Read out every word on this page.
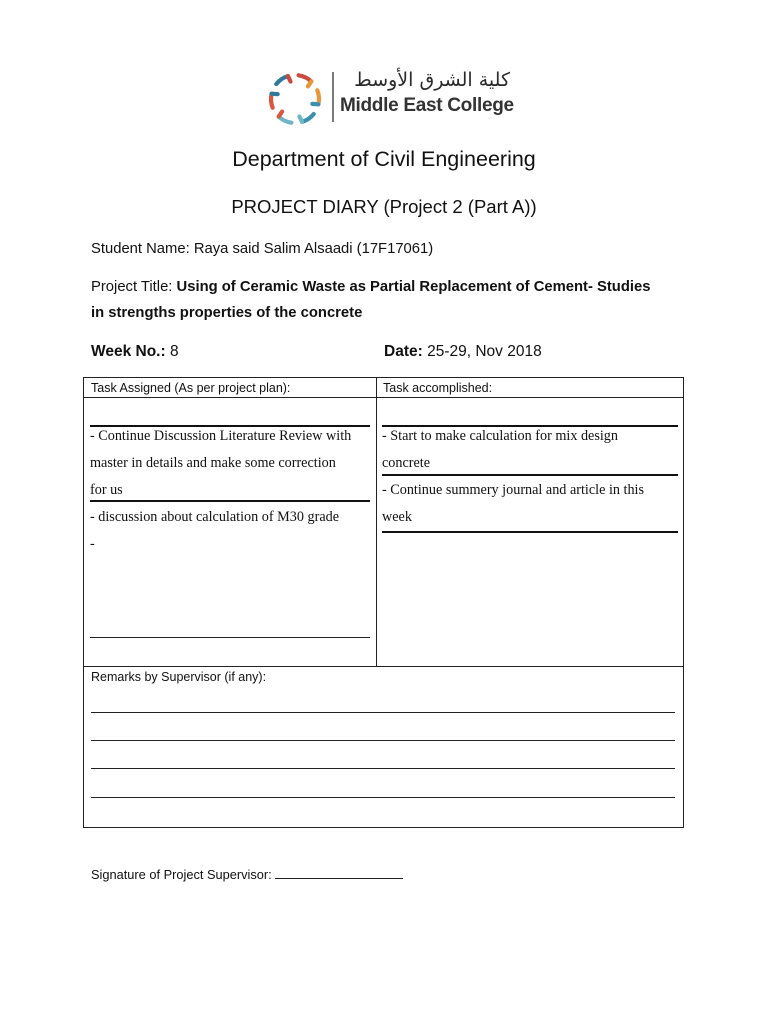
كلية الشرق الأوسط
Middle East College
Department of Civil Engineering
PROJECT DIARY (Project 2 (Part A))
Student Name: Raya said Salim Alsaadi (17F17061)
Project Title: Using of Ceramic Waste as Partial Replacement of Cement- Studies
in strengths properties of the concrete
Week No.: 8	Date: 25-29, Nov 2018
Task Assigned (As per project plan):	Task accomplished:
- Continue Discussion Literature Review with
master in details and make some correction
for us
- discussion about calculation of M30 grade
-
- Start to make calculation for mix design
concrete
- Continue summery journal and article in this
week
Remarks by Supervisor (if any):
Signature of Project Supervisor:
